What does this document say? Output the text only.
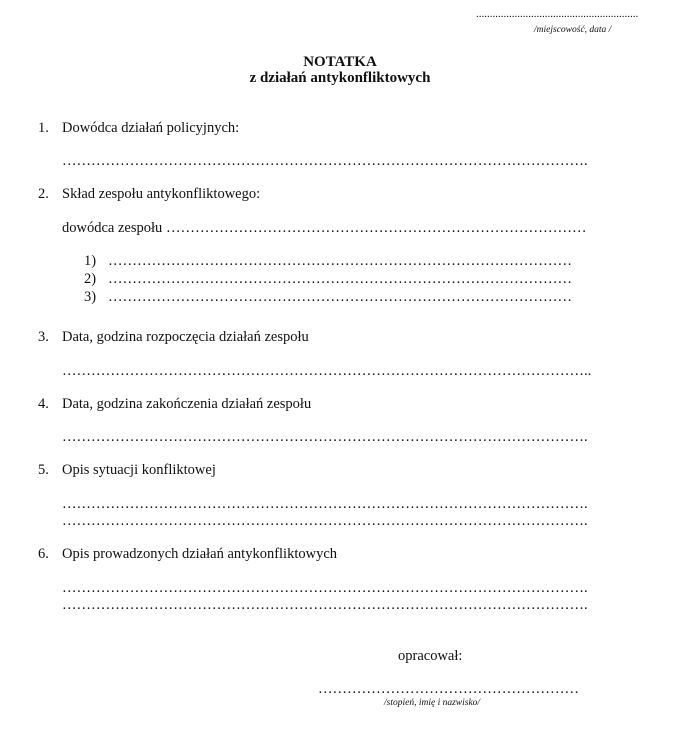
...........................................................
/miejscowość, data /
NOTATKA
z działań antykonfliktowych
1. Dowódca działań policyjnych:
……………………………………………………………………………………………….
2. Skład zespołu antykonfliktowego:
dowódca zespołu ……………………………………………………………………………
1) ……………………………………………………………………………………
2) ……………………………………………………………………………………
3) ……………………………………………………………………………………
3. Data, godzina rozpoczęcia działań zespołu
………………………………………………………………………………………………..
4. Data, godzina zakończenia działań zespołu
……………………………………………………………………………………………….
5. Opis sytuacji konfliktowej
……………………………………………………………………………………………….
……………………………………………………………………………………………….
6. Opis prowadzonych działań antykonfliktowych
……………………………………………………………………………………………….
……………………………………………………………………………………………….
opracował:
………………………………………………
/stopień, imię i nazwisko/
